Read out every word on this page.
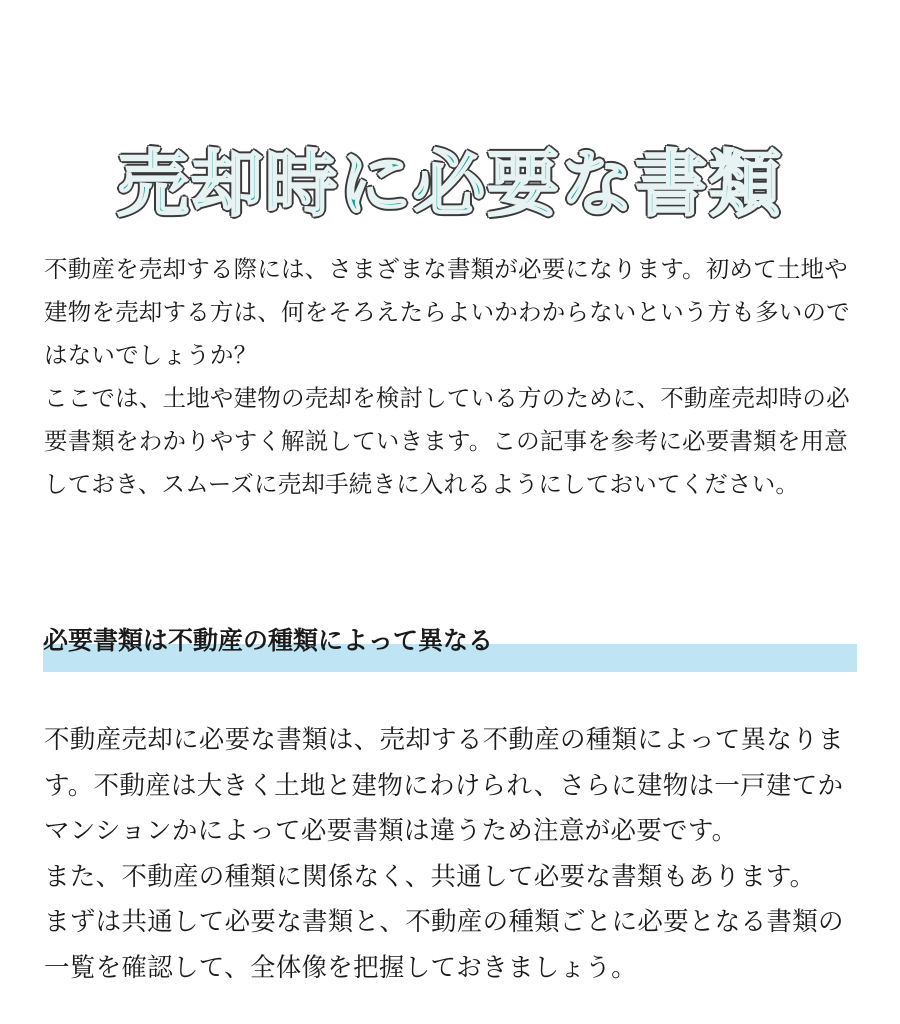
売却時に必要な書類

不動産を売却する際には、さまざまな書類が必要になります。初めて土地や建物を売却する方は、何をそろえたらよいかわからないという方も多いのではないでしょうか？

ここでは、土地や建物の売却を検討している方のために、不動産売却時の必要書類をわかりやすく解説していきます。この記事を参考に必要書類を用意しておき、スムーズに売却手続きに入れるようにしておいてください。

必要書類は不動産の種類によって異なる

不動産売却に必要な書類は、売却する不動産の種類によって異なります。不動産は大きく土地と建物にわけられ、さらに建物は一戸建てかマンションかによって必要書類は違うため注意が必要です。

また、不動産の種類に関係なく、共通して必要な書類もあります。

まずは共通して必要な書類と、不動産の種類ごとに必要となる書類の一覧を確認して、全体像を把握しておきましょう。
